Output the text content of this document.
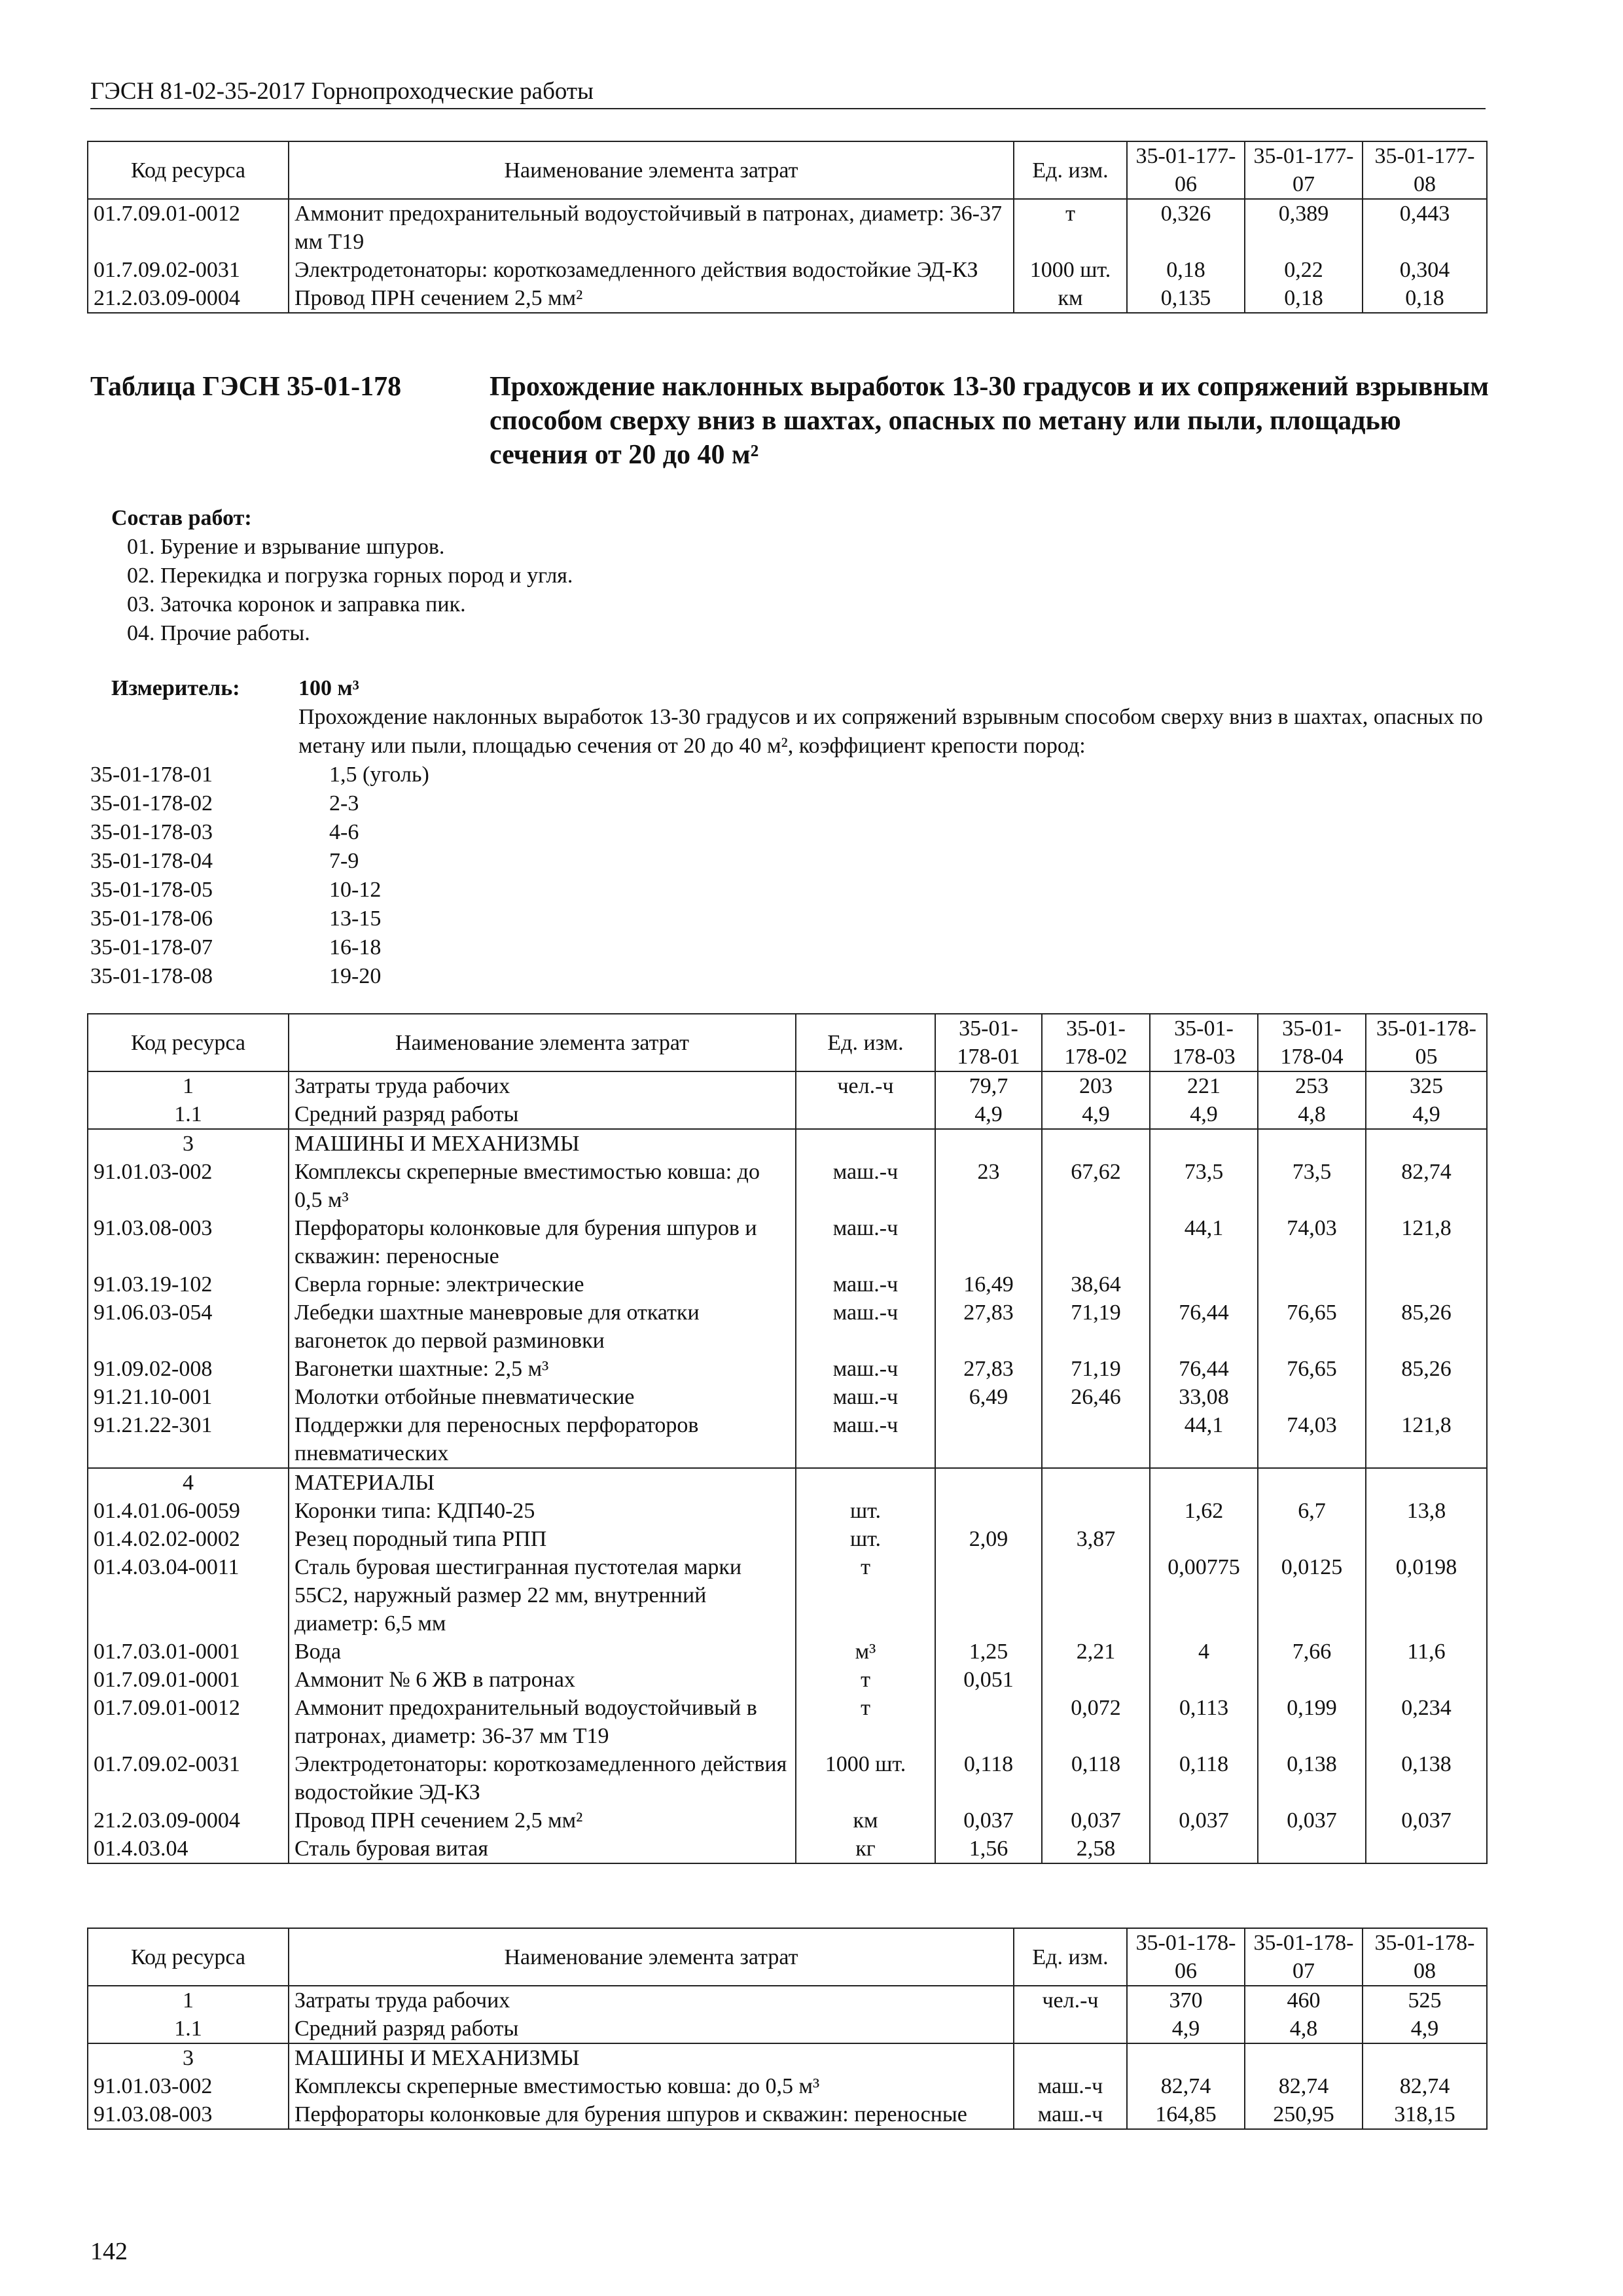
ГЭСН 81-02-35-2017 Горнопроходческие работы
Код ресурса	Наименование элемента затрат	Ед. изм.	35-01-177-06	35-01-177-07	35-01-177-08
01.7.09.01-0012	Аммонит предохранительный водоустойчивый в патронах, диаметр: 36-37 мм Т19	т	0,326	0,389	0,443
01.7.09.02-0031	Электродетонаторы: короткозамедленного действия водостойкие ЭД-КЗ	1000 шт.	0,18	0,22	0,304
21.2.03.09-0004	Провод ПРН сечением 2,5 мм²	км	0,135	0,18	0,18
Таблица ГЭСН 35-01-178	Прохождение наклонных выработок 13-30 градусов и их сопряжений взрывным способом сверху вниз в шахтах, опасных по метану или пыли, площадью сечения от 20 до 40 м²
Состав работ:
01. Бурение и взрывание шпуров.
02. Перекидка и погрузка горных пород и угля.
03. Заточка коронок и заправка пик.
04. Прочие работы.
Измеритель:	100 м³
Прохождение наклонных выработок 13-30 градусов и их сопряжений взрывным способом сверху вниз в шахтах, опасных по метану или пыли, площадью сечения от 20 до 40 м², коэффициент крепости пород:
35-01-178-01	1,5 (уголь)
35-01-178-02	2-3
35-01-178-03	4-6
35-01-178-04	7-9
35-01-178-05	10-12
35-01-178-06	13-15
35-01-178-07	16-18
35-01-178-08	19-20
Код ресурса	Наименование элемента затрат	Ед. изм.	35-01-178-01	35-01-178-02	35-01-178-03	35-01-178-04	35-01-178-05
1	Затраты труда рабочих	чел.-ч	79,7	203	221	253	325
1.1	Средний разряд работы		4,9	4,9	4,9	4,8	4,9
3	МАШИНЫ И МЕХАНИЗМЫ						
91.01.03-002	Комплексы скреперные вместимостью ковша: до 0,5 м³	маш.-ч	23	67,62	73,5	73,5	82,74
91.03.08-003	Перфораторы колонковые для бурения шпуров и скважин: переносные	маш.-ч			44,1	74,03	121,8
91.03.19-102	Сверла горные: электрические	маш.-ч	16,49	38,64			
91.06.03-054	Лебедки шахтные маневровые для откатки вагонеток до первой разминовки	маш.-ч	27,83	71,19	76,44	76,65	85,26
91.09.02-008	Вагонетки шахтные: 2,5 м³	маш.-ч	27,83	71,19	76,44	76,65	85,26
91.21.10-001	Молотки отбойные пневматические	маш.-ч	6,49	26,46	33,08		
91.21.22-301	Поддержки для переносных перфораторов пневматических	маш.-ч			44,1	74,03	121,8
4	МАТЕРИАЛЫ						
01.4.01.06-0059	Коронки типа: КДП40-25	шт.			1,62	6,7	13,8
01.4.02.02-0002	Резец породный типа РПП	шт.	2,09	3,87			
01.4.03.04-0011	Сталь буровая шестигранная пустотелая марки 55С2, наружный размер 22 мм, внутренний диаметр: 6,5 мм	т			0,00775	0,0125	0,0198
01.7.03.01-0001	Вода	м³	1,25	2,21	4	7,66	11,6
01.7.09.01-0001	Аммонит № 6 ЖВ в патронах	т	0,051				
01.7.09.01-0012	Аммонит предохранительный водоустойчивый в патронах, диаметр: 36-37 мм Т19	т		0,072	0,113	0,199	0,234
01.7.09.02-0031	Электродетонаторы: короткозамедленного действия водостойкие ЭД-КЗ	1000 шт.	0,118	0,118	0,118	0,138	0,138
21.2.03.09-0004	Провод ПРН сечением 2,5 мм²	км	0,037	0,037	0,037	0,037	0,037
01.4.03.04	Сталь буровая витая	кг	1,56	2,58			
Код ресурса	Наименование элемента затрат	Ед. изм.	35-01-178-06	35-01-178-07	35-01-178-08
1	Затраты труда рабочих	чел.-ч	370	460	525
1.1	Средний разряд работы		4,9	4,8	4,9
3	МАШИНЫ И МЕХАНИЗМЫ				
91.01.03-002	Комплексы скреперные вместимостью ковша: до 0,5 м³	маш.-ч	82,74	82,74	82,74
91.03.08-003	Перфораторы колонковые для бурения шпуров и скважин: переносные	маш.-ч	164,85	250,95	318,15
142
